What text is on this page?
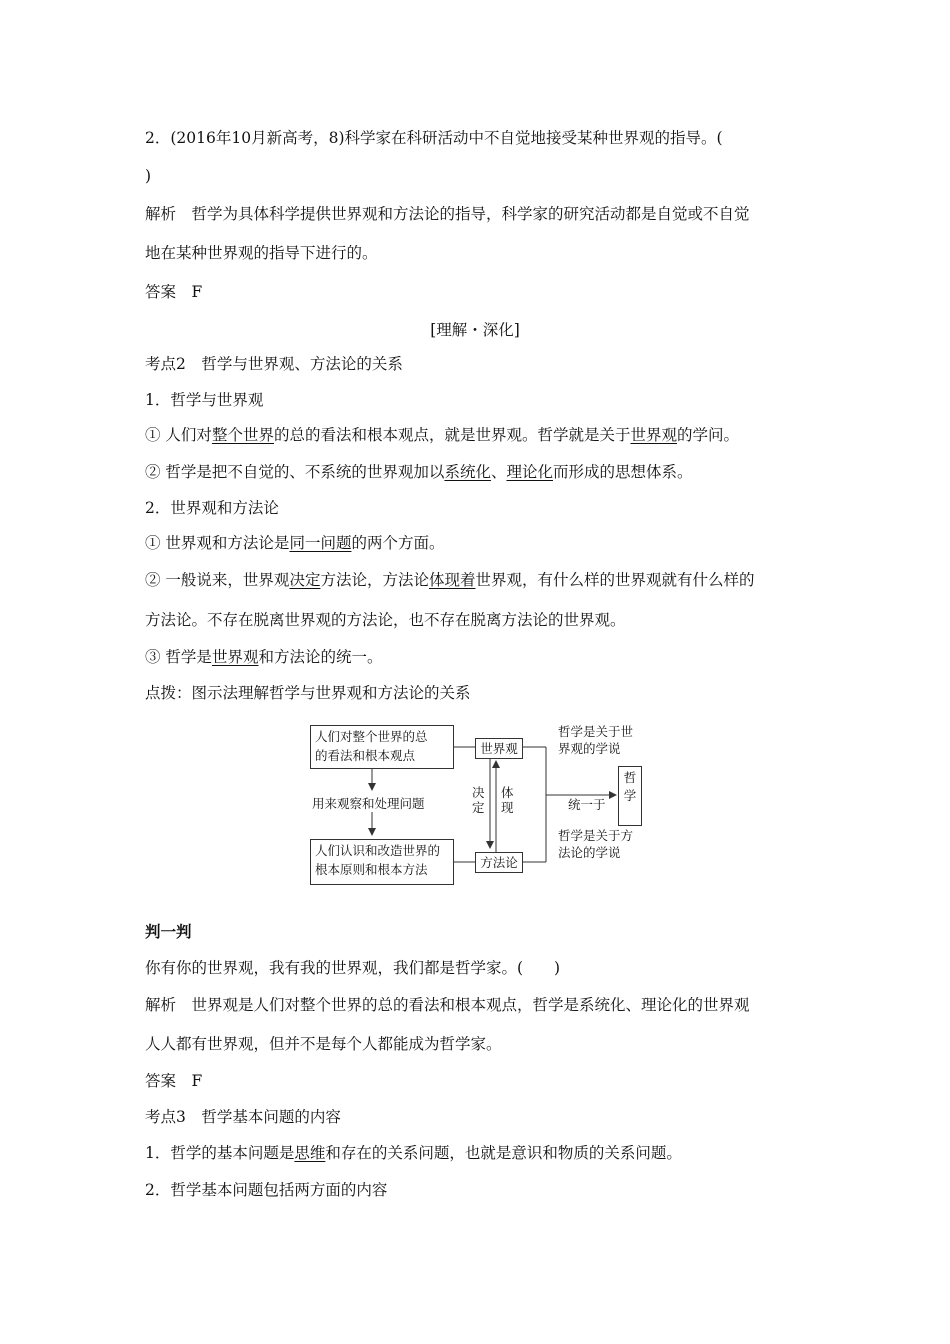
2．(2016年10月新高考，8)科学家在科研活动中不自觉地接受某种世界观的指导。(
)
解析　哲学为具体科学提供世界观和方法论的指导，科学家的研究活动都是自觉或不自觉
地在某种世界观的指导下进行的。
答案　F
[理解・深化]
考点2　哲学与世界观、方法论的关系
1．哲学与世界观
① 人们对整个世界的总的看法和根本观点，就是世界观。哲学就是关于世界观的学问。
② 哲学是把不自觉的、不系统的世界观加以系统化、理论化而形成的思想体系。
2．世界观和方法论
① 世界观和方法论是同一问题的两个方面。
② 一般说来，世界观决定方法论，方法论体现着世界观，有什么样的世界观就有什么样的
方法论。不存在脱离世界观的方法论，也不存在脱离方法论的世界观。
③ 哲学是世界观和方法论的统一。
点拨：图示法理解哲学与世界观和方法论的关系
人们对整个世界的总
的看法和根本观点
用来观察和处理问题
人们认识和改造世界的
根本原则和根本方法
世界观
方法论
决
定
体
现
哲学是关于世
界观的学说
统一于
哲学是关于方
法论的学说
哲
学
判一判
你有你的世界观，我有我的世界观，我们都是哲学家。(　　)
解析　世界观是人们对整个世界的总的看法和根本观点，哲学是系统化、理论化的世界观
人人都有世界观，但并不是每个人都能成为哲学家。
答案　F
考点3　哲学基本问题的内容
1．哲学的基本问题是思维和存在的关系问题，也就是意识和物质的关系问题。
2．哲学基本问题包括两方面的内容
